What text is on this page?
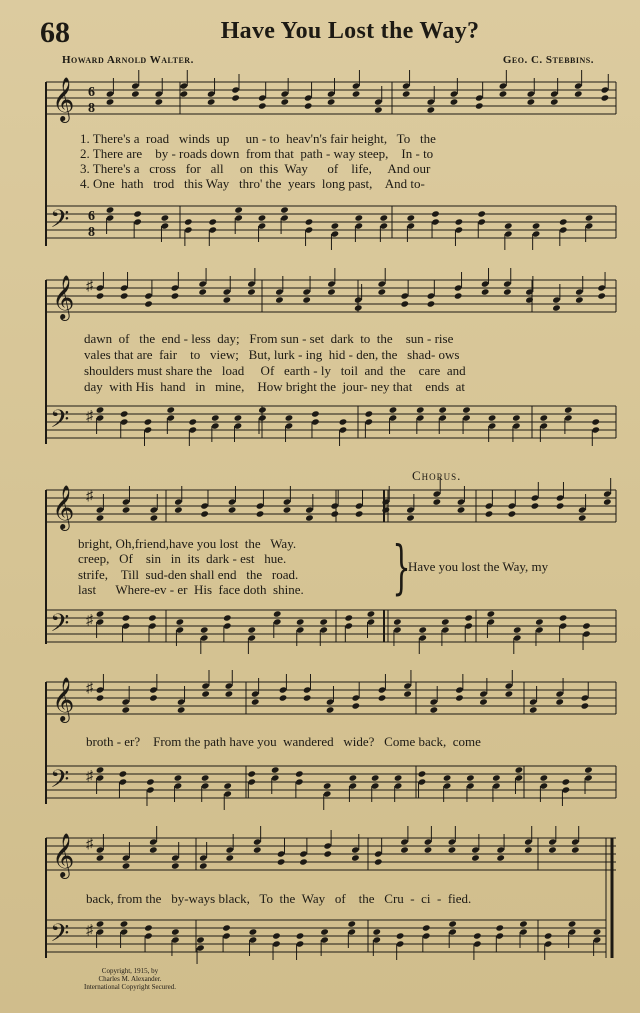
68	Have You Lost the Way?
Howard Arnold Walter.	Geo. C. Stebbins.
𝄞 6
8
𝄢 6
8
1. There's a  road   winds  up     un - to  heav'n's fair height,   To   the
2. There are    by - roads down  from that  path - way steep,    In - to
3. There's a   cross   for   all     on  this  Way      of    life,     And our
4. One  hath   trod   this Way   thro' the  years  long past,    And to-
𝄞 ♯
𝄢 ♯
dawn  of   the  end - less  day;   From sun - set  dark  to  the    sun - rise
vales that are  fair    to   view;   But, lurk - ing  hid - den, the   shad- ows
shoulders must share the   load     Of   earth - ly   toil  and  the    care  and
day  with His  hand   in   mine,    How bright the  jour- ney that    ends  at
Chorus.
𝄞 ♯
𝄢 ♯
bright, Oh,friend,have you lost  the   Way.
creep,   Of    sin   in  its  dark - est   hue.
strife,    Till  sud-den shall end   the   road.
last      Where-ev - er  His  face doth  shine. }
Have you lost the Way, my
𝄞 ♯
𝄢 ♯
broth - er?    From the path have you  wandered   wide?   Come back,  come
𝄞 ♯
𝄢 ♯
back, from the   by-ways black,   To  the  Way   of    the   Cru  -  ci  -  fied.
Copyright, 1915, by
Charles M. Alexander.
International Copyright Secured.
